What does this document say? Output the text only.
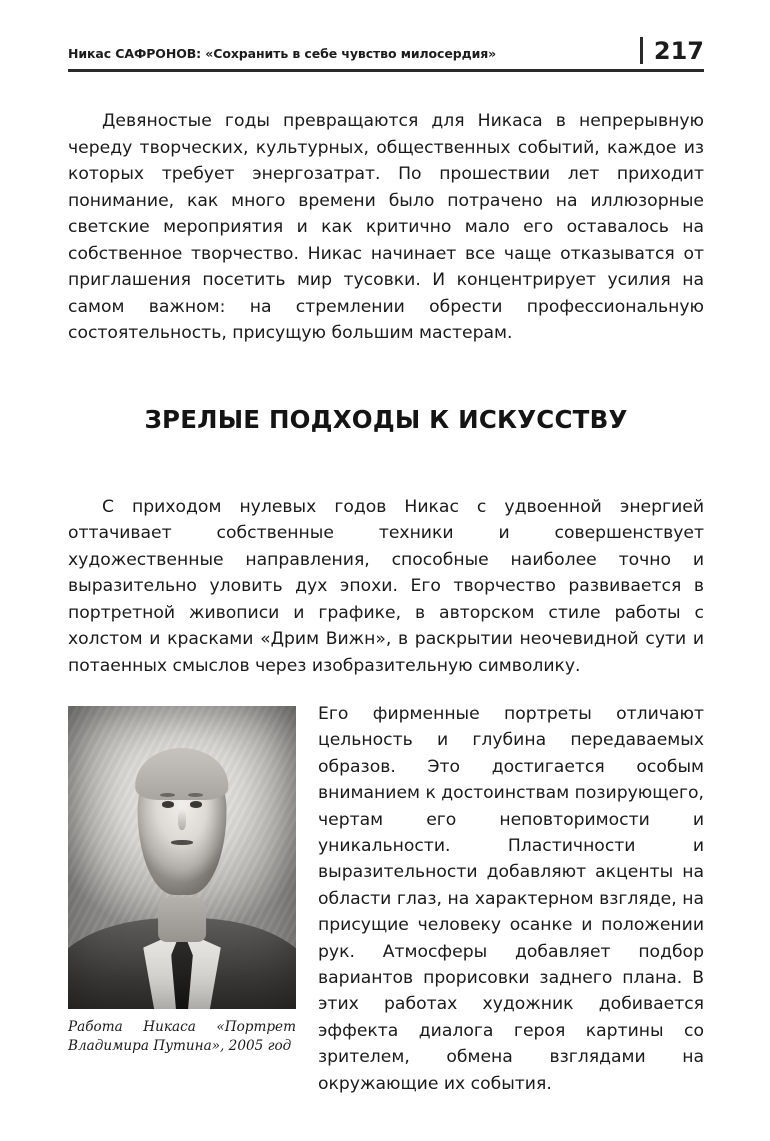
Никас САФРОНОВ: «Сохранить в себе чувство милосердия»	217

Девяностые годы превращаются для Никаса в непрерывную череду творческих, культурных, общественных событий, каждое из которых требует энергозатрат. По прошествии лет приходит понимание, как много времени было потрачено на иллюзорные светские мероприятия и как критично мало его оставалось на собственное творчество. Никас начинает все чаще отказыватся от приглашения посетить мир тусовки. И концентрирует усилия на самом важном: на стремлении обрести профессиональную состоятельность, присущую большим мастерам.

ЗРЕЛЫЕ ПОДХОДЫ К ИСКУССТВУ

С приходом нулевых годов Никас с удвоенной энергией оттачивает собственные техники и совершенствует художественные направления, способные наиболее точно и выразительно уловить дух эпохи. Его творчество развивается в портретной живописи и графике, в авторском стиле работы с холстом и красками «Дрим Вижн», в раскрытии неочевидной сути и потаенных смыслов через изобразительную символику.

Работа Никаса «Портрет Владимира Путина», 2005 год

Его фирменные портреты отличают цельность и глубина передаваемых образов. Это достигается особым вниманием к достоинствам позирующего, чертам его неповторимости и уникальности. Пластичности и выразительности добавляют акценты на области глаз, на характерном взгляде, на присущие человеку осанке и положении рук. Атмосферы добавляет подбор вариантов прорисовки заднего плана. В этих работах художник добивается эффекта диалога героя картины со зрителем, обмена взглядами на окружающие их события.
